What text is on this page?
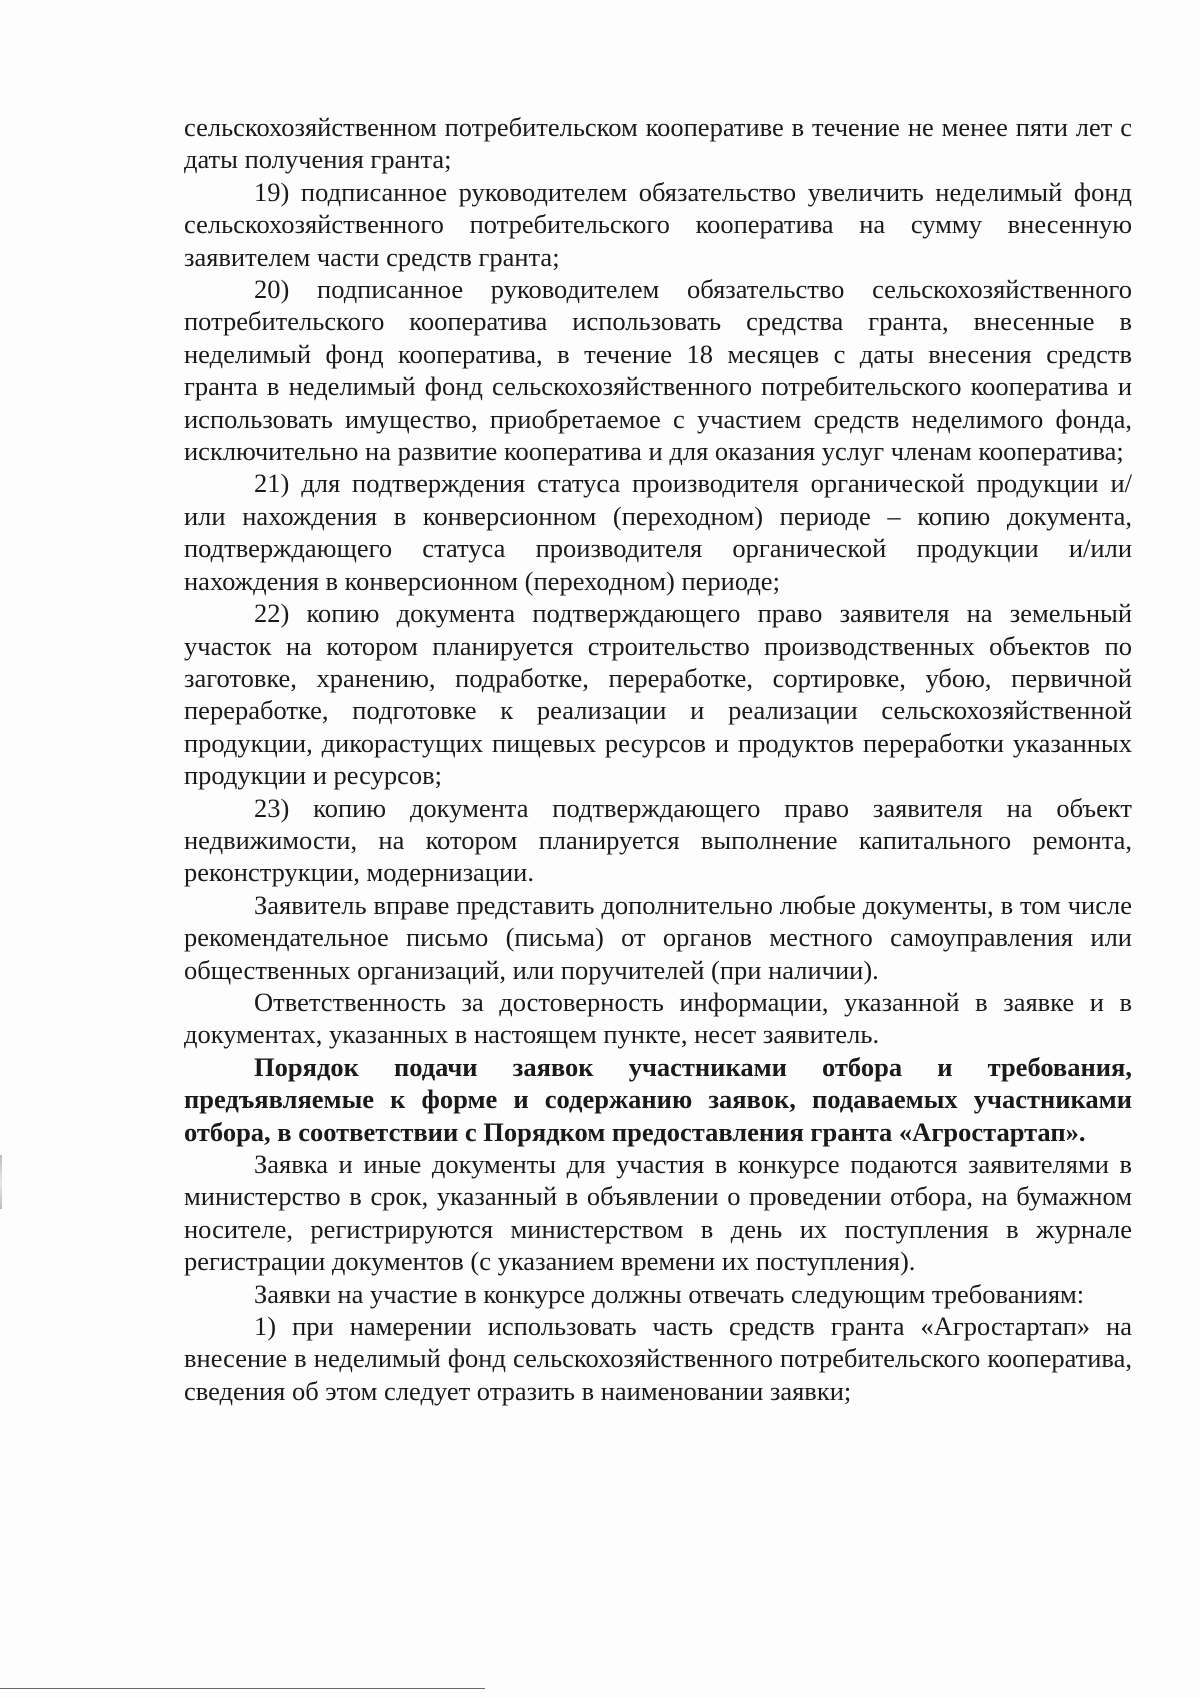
сельскохозяйственном потребительском кооперативе в течение не менее пяти лет с даты получения гранта;

19) подписанное руководителем обязательство увеличить неделимый фонд сельскохозяйственного потребительского кооператива на сумму внесенную заявителем части средств гранта;

20) подписанное руководителем обязательство сельскохозяйственного потребительского кооператива использовать средства гранта, внесенные в неделимый фонд кооператива, в течение 18 месяцев с даты внесения средств гранта в неделимый фонд сельскохозяйственного потребительского кооператива и использовать имущество, приобретаемое с участием средств неделимого фонда, исключительно на развитие кооператива и для оказания услуг членам кооператива;

21) для подтверждения статуса производителя органической продукции и/или нахождения в конверсионном (переходном) периоде – копию документа, подтверждающего статуса производителя органической продукции и/или нахождения в конверсионном (переходном) периоде;

22) копию документа подтверждающего право заявителя на земельный участок на котором планируется строительство производственных объектов по заготовке, хранению, подработке, переработке, сортировке, убою, первичной переработке, подготовке к реализации и реализации сельскохозяйственной продукции, дикорастущих пищевых ресурсов и продуктов переработки указанных продукции и ресурсов;

23) копию документа подтверждающего право заявителя на объект недвижимости, на котором планируется выполнение капитального ремонта, реконструкции, модернизации.

Заявитель вправе представить дополнительно любые документы, в том числе рекомендательное письмо (письма) от органов местного самоуправления или общественных организаций, или поручителей (при наличии).

Ответственность за достоверность информации, указанной в заявке и в документах, указанных в настоящем пункте, несет заявитель.

Порядок подачи заявок участниками отбора и требования, предъявляемые к форме и содержанию заявок, подаваемых участниками отбора, в соответствии с Порядком предоставления гранта «Агростартап».

Заявка и иные документы для участия в конкурсе подаются заявителями в министерство в срок, указанный в объявлении о проведении отбора, на бумажном носителе, регистрируются министерством в день их поступления в журнале регистрации документов (с указанием времени их поступления).

Заявки на участие в конкурсе должны отвечать следующим требованиям:

1) при намерении использовать часть средств гранта «Агростартап» на внесение в неделимый фонд сельскохозяйственного потребительского кооператива, сведения об этом следует отразить в наименовании заявки;
